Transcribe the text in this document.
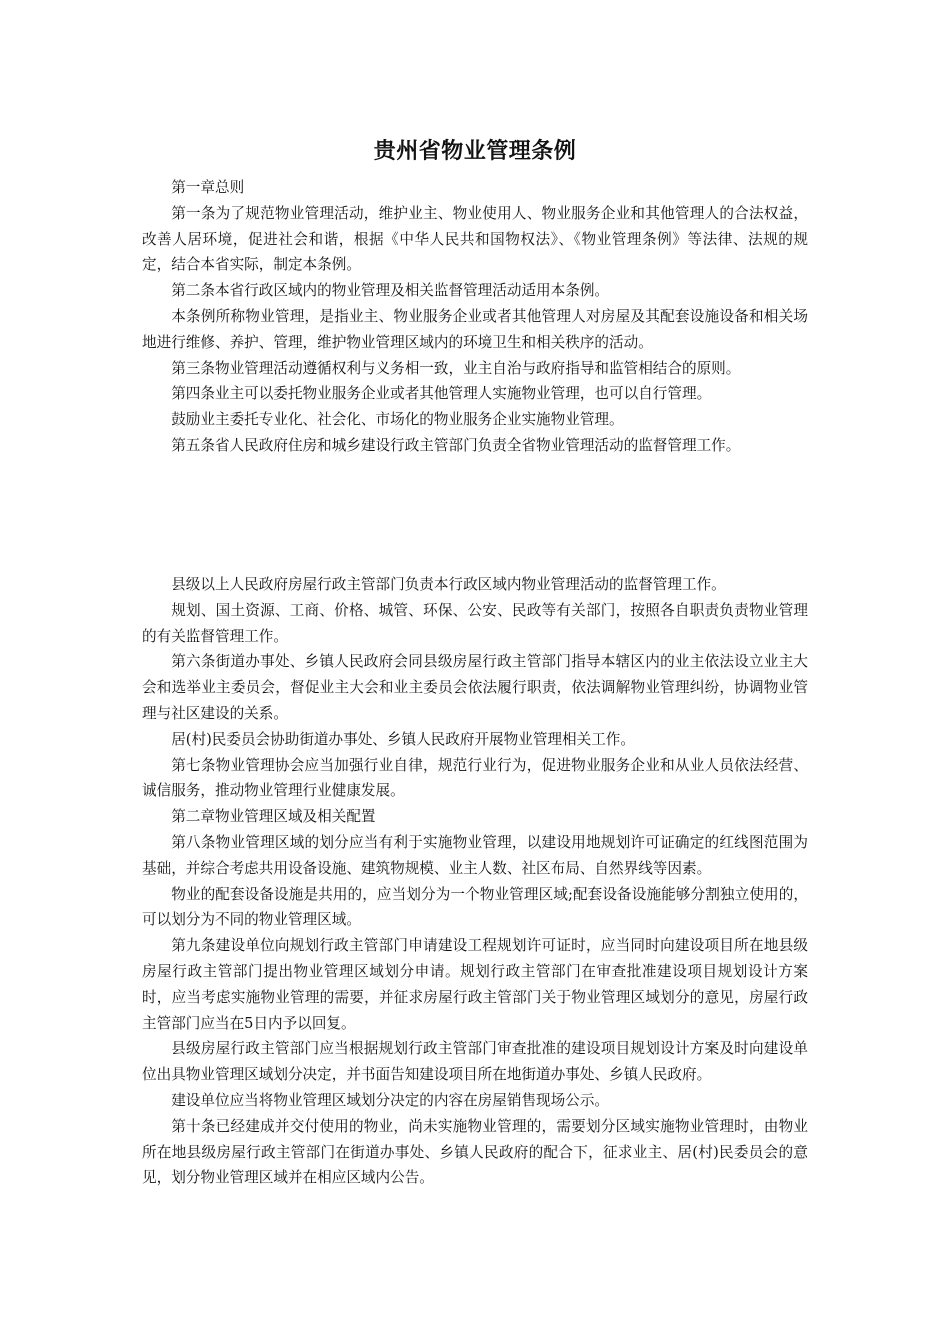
贵州省物业管理条例

第一章总则

第一条为了规范物业管理活动，维护业主、物业使用人、物业服务企业和其他管理人的合法权益，改善人居环境，促进社会和谐，根据《中华人民共和国物权法》、《物业管理条例》等法律、法规的规定，结合本省实际，制定本条例。

第二条本省行政区域内的物业管理及相关监督管理活动适用本条例。

本条例所称物业管理，是指业主、物业服务企业或者其他管理人对房屋及其配套设施设备和相关场地进行维修、养护、管理，维护物业管理区域内的环境卫生和相关秩序的活动。

第三条物业管理活动遵循权利与义务相一致，业主自治与政府指导和监管相结合的原则。

第四条业主可以委托物业服务企业或者其他管理人实施物业管理，也可以自行管理。

鼓励业主委托专业化、社会化、市场化的物业服务企业实施物业管理。

第五条省人民政府住房和城乡建设行政主管部门负责全省物业管理活动的监督管理工作。

县级以上人民政府房屋行政主管部门负责本行政区域内物业管理活动的监督管理工作。

规划、国土资源、工商、价格、城管、环保、公安、民政等有关部门，按照各自职责负责物业管理的有关监督管理工作。

第六条街道办事处、乡镇人民政府会同县级房屋行政主管部门指导本辖区内的业主依法设立业主大会和选举业主委员会，督促业主大会和业主委员会依法履行职责，依法调解物业管理纠纷，协调物业管理与社区建设的关系。

居(村)民委员会协助街道办事处、乡镇人民政府开展物业管理相关工作。

第七条物业管理协会应当加强行业自律，规范行业行为，促进物业服务企业和从业人员依法经营、诚信服务，推动物业管理行业健康发展。

第二章物业管理区域及相关配置

第八条物业管理区域的划分应当有利于实施物业管理，以建设用地规划许可证确定的红线图范围为基础，并综合考虑共用设备设施、建筑物规模、业主人数、社区布局、自然界线等因素。

物业的配套设备设施是共用的，应当划分为一个物业管理区域;配套设备设施能够分割独立使用的，可以划分为不同的物业管理区域。

第九条建设单位向规划行政主管部门申请建设工程规划许可证时，应当同时向建设项目所在地县级房屋行政主管部门提出物业管理区域划分申请。规划行政主管部门在审查批准建设项目规划设计方案时，应当考虑实施物业管理的需要，并征求房屋行政主管部门关于物业管理区域划分的意见，房屋行政主管部门应当在5日内予以回复。

县级房屋行政主管部门应当根据规划行政主管部门审查批准的建设项目规划设计方案及时向建设单位出具物业管理区域划分决定，并书面告知建设项目所在地街道办事处、乡镇人民政府。

建设单位应当将物业管理区域划分决定的内容在房屋销售现场公示。

第十条已经建成并交付使用的物业，尚未实施物业管理的，需要划分区域实施物业管理时，由物业所在地县级房屋行政主管部门在街道办事处、乡镇人民政府的配合下，征求业主、居(村)民委员会的意见，划分物业管理区域并在相应区域内公告。
